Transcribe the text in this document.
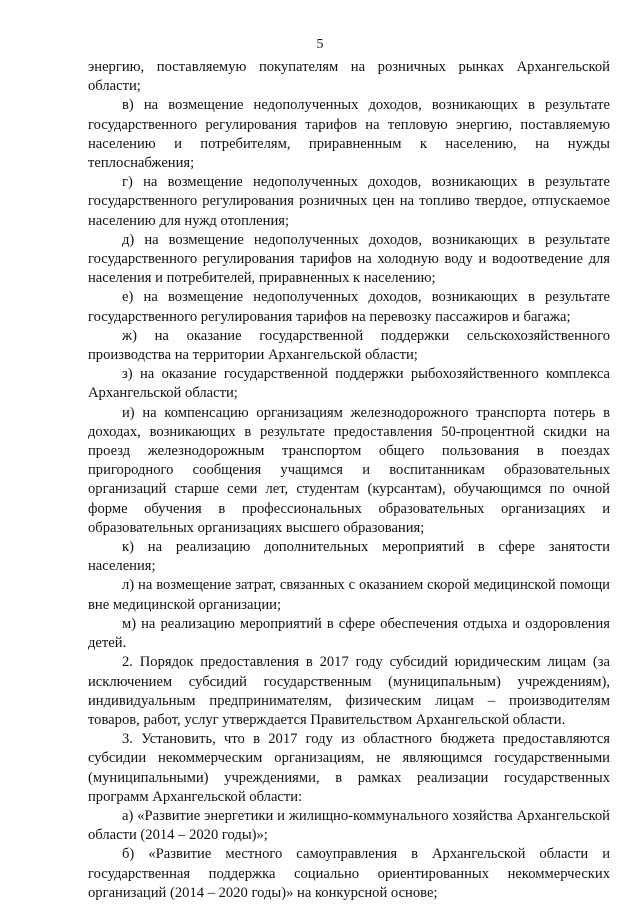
5

энергию, поставляемую покупателям на розничных рынках Архангельской области;

в) на возмещение недополученных доходов, возникающих в результате государственного регулирования тарифов на тепловую энергию, поставляемую населению и потребителям, приравненным к населению, на нужды теплоснабжения;

г) на возмещение недополученных доходов, возникающих в результате государственного регулирования розничных цен на топливо твердое, отпускаемое населению для нужд отопления;

д) на возмещение недополученных доходов, возникающих в результате государственного регулирования тарифов на холодную воду и водоотведение для населения и потребителей, приравненных к населению;

е) на возмещение недополученных доходов, возникающих в результате государственного регулирования тарифов на перевозку пассажиров и багажа;

ж) на оказание государственной поддержки сельскохозяйственного производства на территории Архангельской области;

з) на оказание государственной поддержки рыбохозяйственного комплекса Архангельской области;

и) на компенсацию организациям железнодорожного транспорта потерь в доходах, возникающих в результате предоставления 50-процентной скидки на проезд железнодорожным транспортом общего пользования в поездах пригородного сообщения учащимся и воспитанникам образовательных организаций старше семи лет, студентам (курсантам), обучающимся по очной форме обучения в профессиональных образовательных организациях и образовательных организациях высшего образования;

к) на реализацию дополнительных мероприятий в сфере занятости населения;

л) на возмещение затрат, связанных с оказанием скорой медицинской помощи вне медицинской организации;

м) на реализацию мероприятий в сфере обеспечения отдыха и оздоровления детей.

2. Порядок предоставления в 2017 году субсидий юридическим лицам (за исключением субсидий государственным (муниципальным) учреждениям), индивидуальным предпринимателям, физическим лицам – производителям товаров, работ, услуг утверждается Правительством Архангельской области.

3. Установить, что в 2017 году из областного бюджета предоставляются субсидии некоммерческим организациям, не являющимся государственными (муниципальными) учреждениями, в рамках реализации государственных программ Архангельской области:

а) «Развитие энергетики и жилищно-коммунального хозяйства Архангельской области (2014 – 2020 годы)»;

б) «Развитие местного самоуправления в Архангельской области и государственная поддержка социально ориентированных некоммерческих организаций (2014 – 2020 годы)» на конкурсной основе;
